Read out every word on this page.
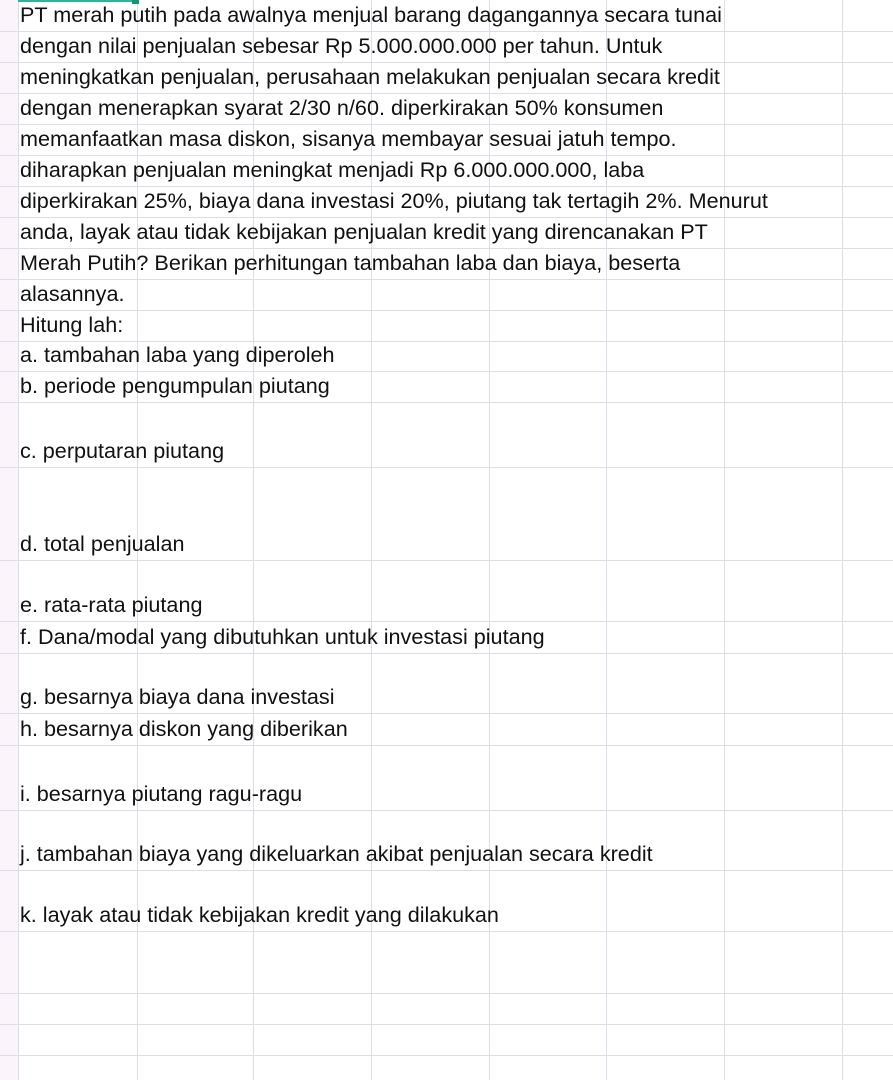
PT merah putih pada awalnya menjual barang dagangannya secara tunai
dengan nilai penjualan sebesar Rp 5.000.000.000 per tahun. Untuk
meningkatkan penjualan, perusahaan melakukan penjualan secara kredit
dengan menerapkan syarat 2/30 n/60. diperkirakan 50% konsumen
memanfaatkan masa diskon, sisanya membayar sesuai jatuh tempo.
diharapkan penjualan meningkat menjadi Rp 6.000.000.000, laba
diperkirakan 25%, biaya dana investasi 20%, piutang tak tertagih 2%. Menurut
anda, layak atau tidak kebijakan penjualan kredit yang direncanakan PT
Merah Putih? Berikan perhitungan tambahan laba dan biaya, beserta
alasannya.
Hitung lah:
a. tambahan laba yang diperoleh
b. periode pengumpulan piutang
c. perputaran piutang
d. total penjualan
e. rata-rata piutang
f. Dana/modal yang dibutuhkan untuk investasi piutang
g. besarnya biaya dana investasi
h. besarnya diskon yang diberikan
i. besarnya piutang ragu-ragu
j. tambahan biaya yang dikeluarkan akibat penjualan secara kredit
k. layak atau tidak kebijakan kredit yang dilakukan
